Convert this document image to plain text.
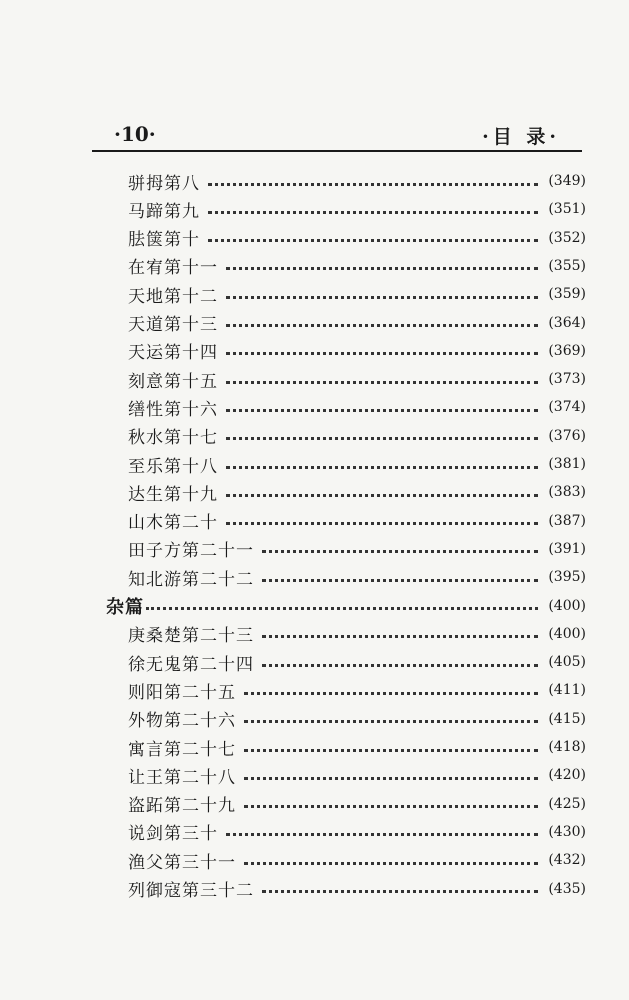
·10·	·目 录·
骈拇第八	(349)
马蹄第九	(351)
胠箧第十	(352)
在宥第十一	(355)
天地第十二	(359)
天道第十三	(364)
天运第十四	(369)
刻意第十五	(373)
缮性第十六	(374)
秋水第十七	(376)
至乐第十八	(381)
达生第十九	(383)
山木第二十	(387)
田子方第二十一	(391)
知北游第二十二	(395)
杂篇	(400)
庚桑楚第二十三	(400)
徐无鬼第二十四	(405)
则阳第二十五	(411)
外物第二十六	(415)
寓言第二十七	(418)
让王第二十八	(420)
盗跖第二十九	(425)
说剑第三十	(430)
渔父第三十一	(432)
列御寇第三十二	(435)
